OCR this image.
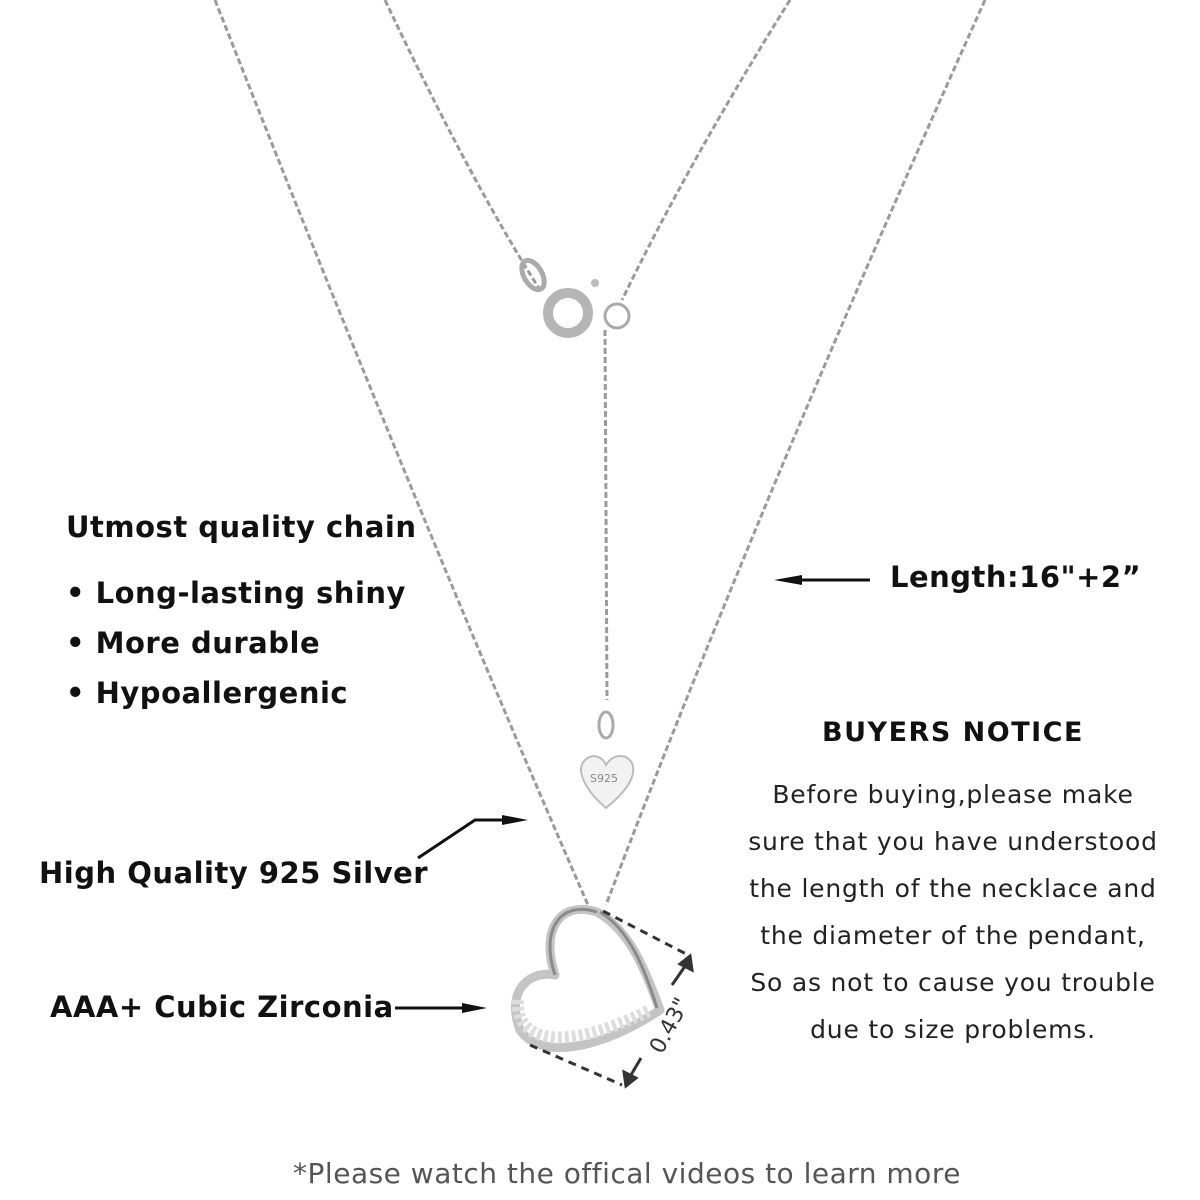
S925
0.43"
Utmost quality chain
• Long-lasting shiny
• More durable
• Hypoallergenic
Length:16"+2”
High Quality 925 Silver
AAA+ Cubic Zirconia
BUYERS NOTICE
Before buying,please make
sure that you have understood
the length of the necklace and
the diameter of the pendant,
So as not to cause you trouble
due to size problems.
*Please watch the offical videos to learn more
